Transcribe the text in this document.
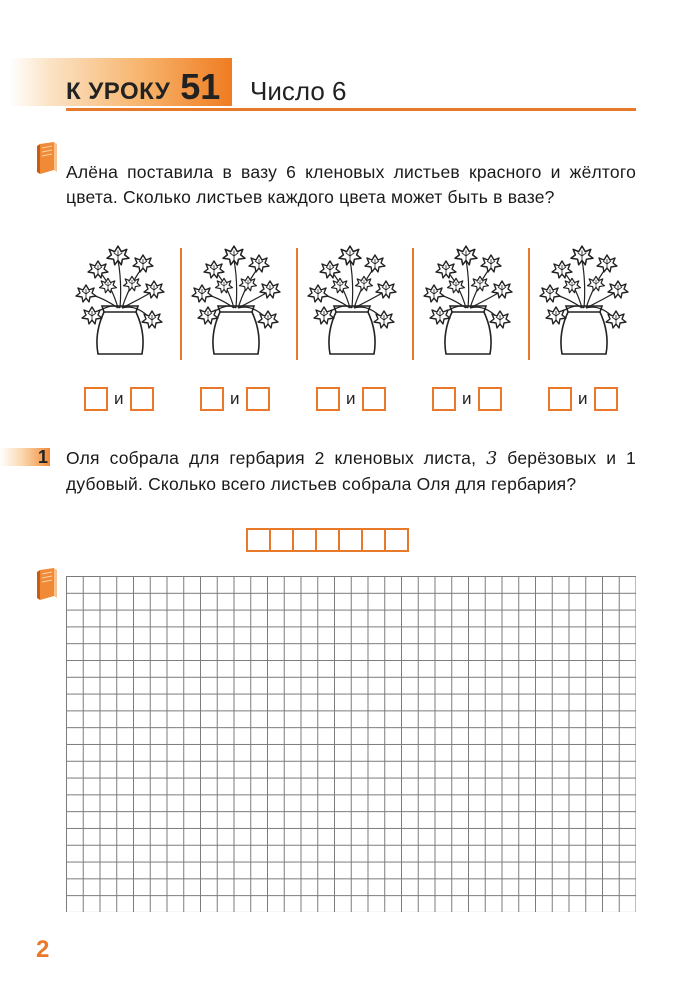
К УРОКУ 51 Число 6
Алёна поставила в вазу 6 кленовых листьев красного и жёлтого цвета. Сколько листьев каждого цвета может быть в вазе?
и	и	и	и	и
1 Оля собрала для гербария 2 кленовых листа, 3 берёзовых и 1 дубовый. Сколько всего листьев собрала Оля для гербария?
2
